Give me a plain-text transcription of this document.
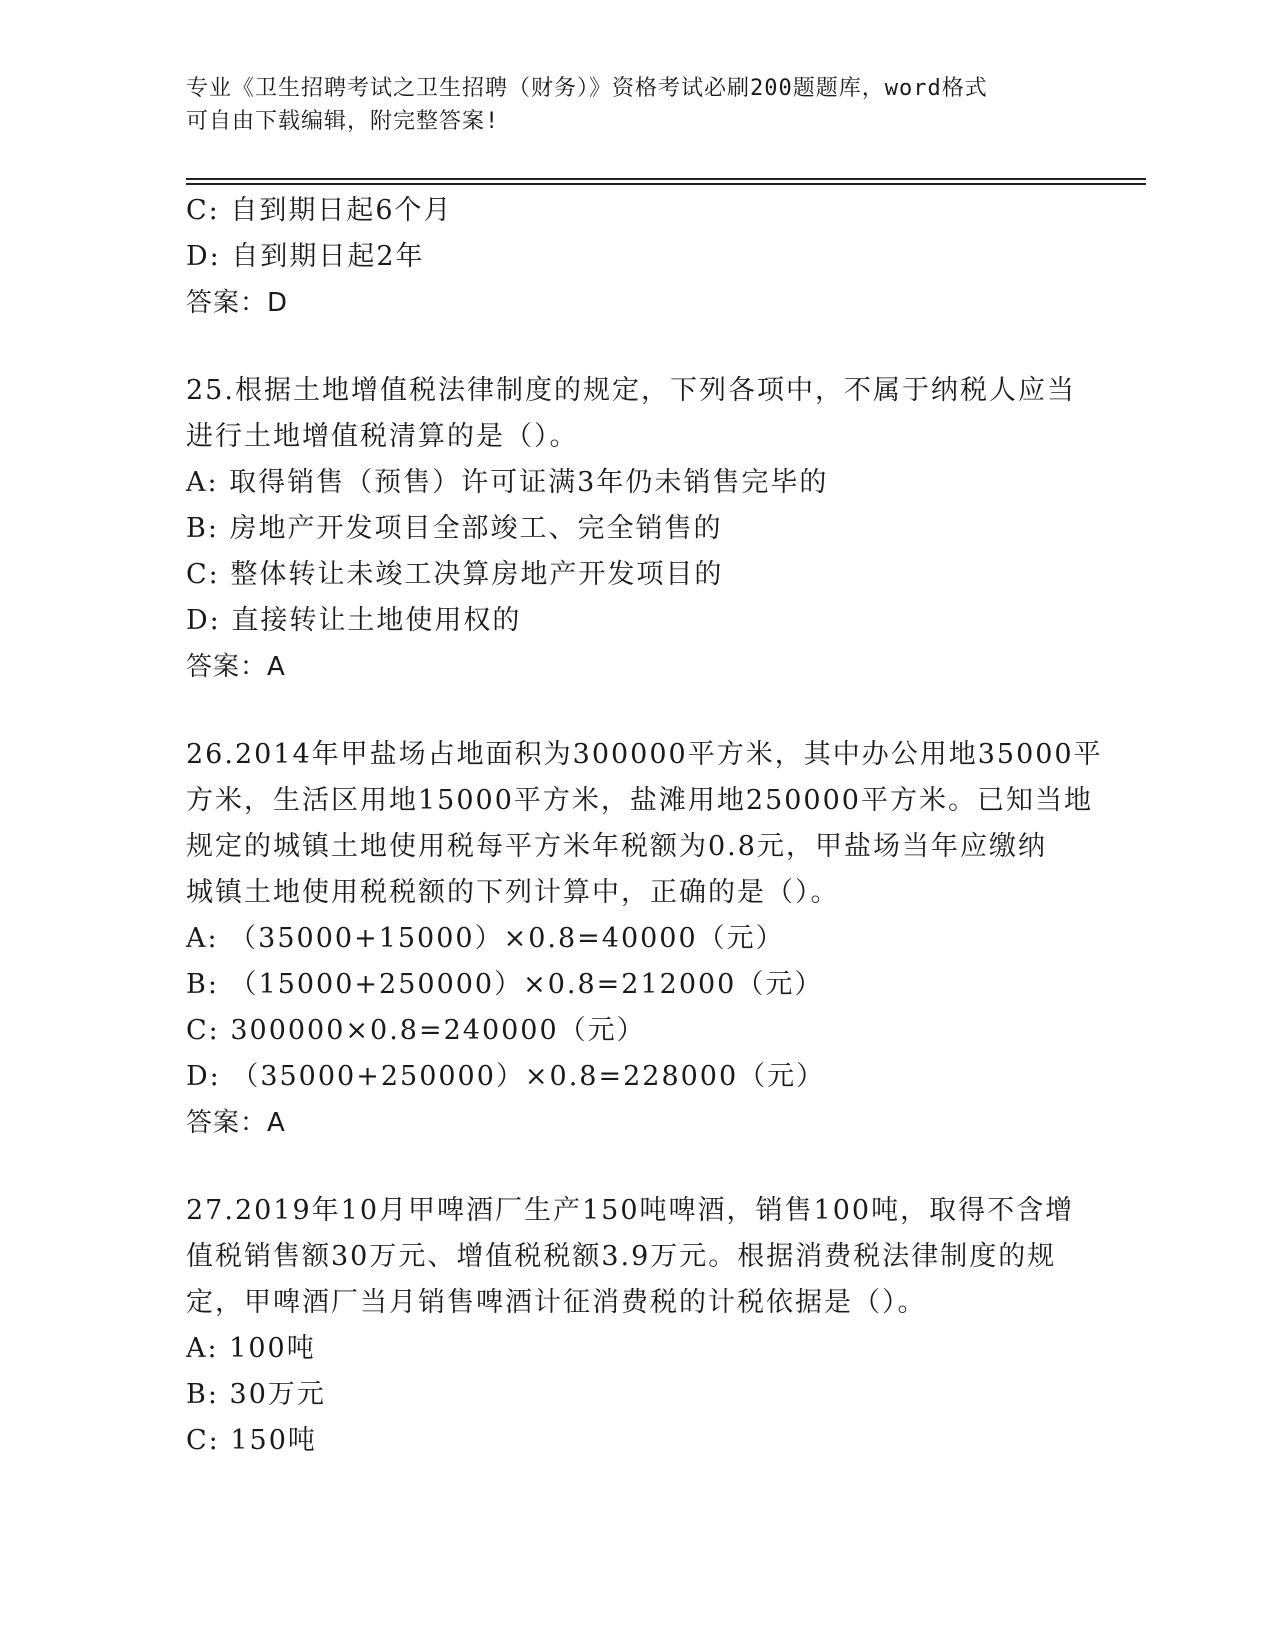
专业《卫生招聘考试之卫生招聘（财务）》资格考试必刷200题题库，word格式
可自由下载编辑，附完整答案!
C: 自到期日起6个月
D: 自到期日起2年
答案：D
25.根据土地增值税法律制度的规定，下列各项中，不属于纳税人应当
进行土地增值税清算的是（）。
A: 取得销售（预售）许可证满3年仍未销售完毕的
B: 房地产开发项目全部竣工、完全销售的
C: 整体转让未竣工决算房地产开发项目的
D: 直接转让土地使用权的
答案：A
26.2014年甲盐场占地面积为300000平方米，其中办公用地35000平
方米，生活区用地15000平方米，盐滩用地250000平方米。已知当地
规定的城镇土地使用税每平方米年税额为0.8元，甲盐场当年应缴纳
城镇土地使用税税额的下列计算中，正确的是（）。
A: （35000+15000）×0.8=40000（元）
B: （15000+250000）×0.8=212000（元）
C: 300000×0.8=240000（元）
D: （35000+250000）×0.8=228000（元）
答案：A
27.2019年10月甲啤酒厂生产150吨啤酒，销售100吨，取得不含增
值税销售额30万元、增值税税额3.9万元。根据消费税法律制度的规
定，甲啤酒厂当月销售啤酒计征消费税的计税依据是（）。
A: 100吨
B: 30万元
C: 150吨
